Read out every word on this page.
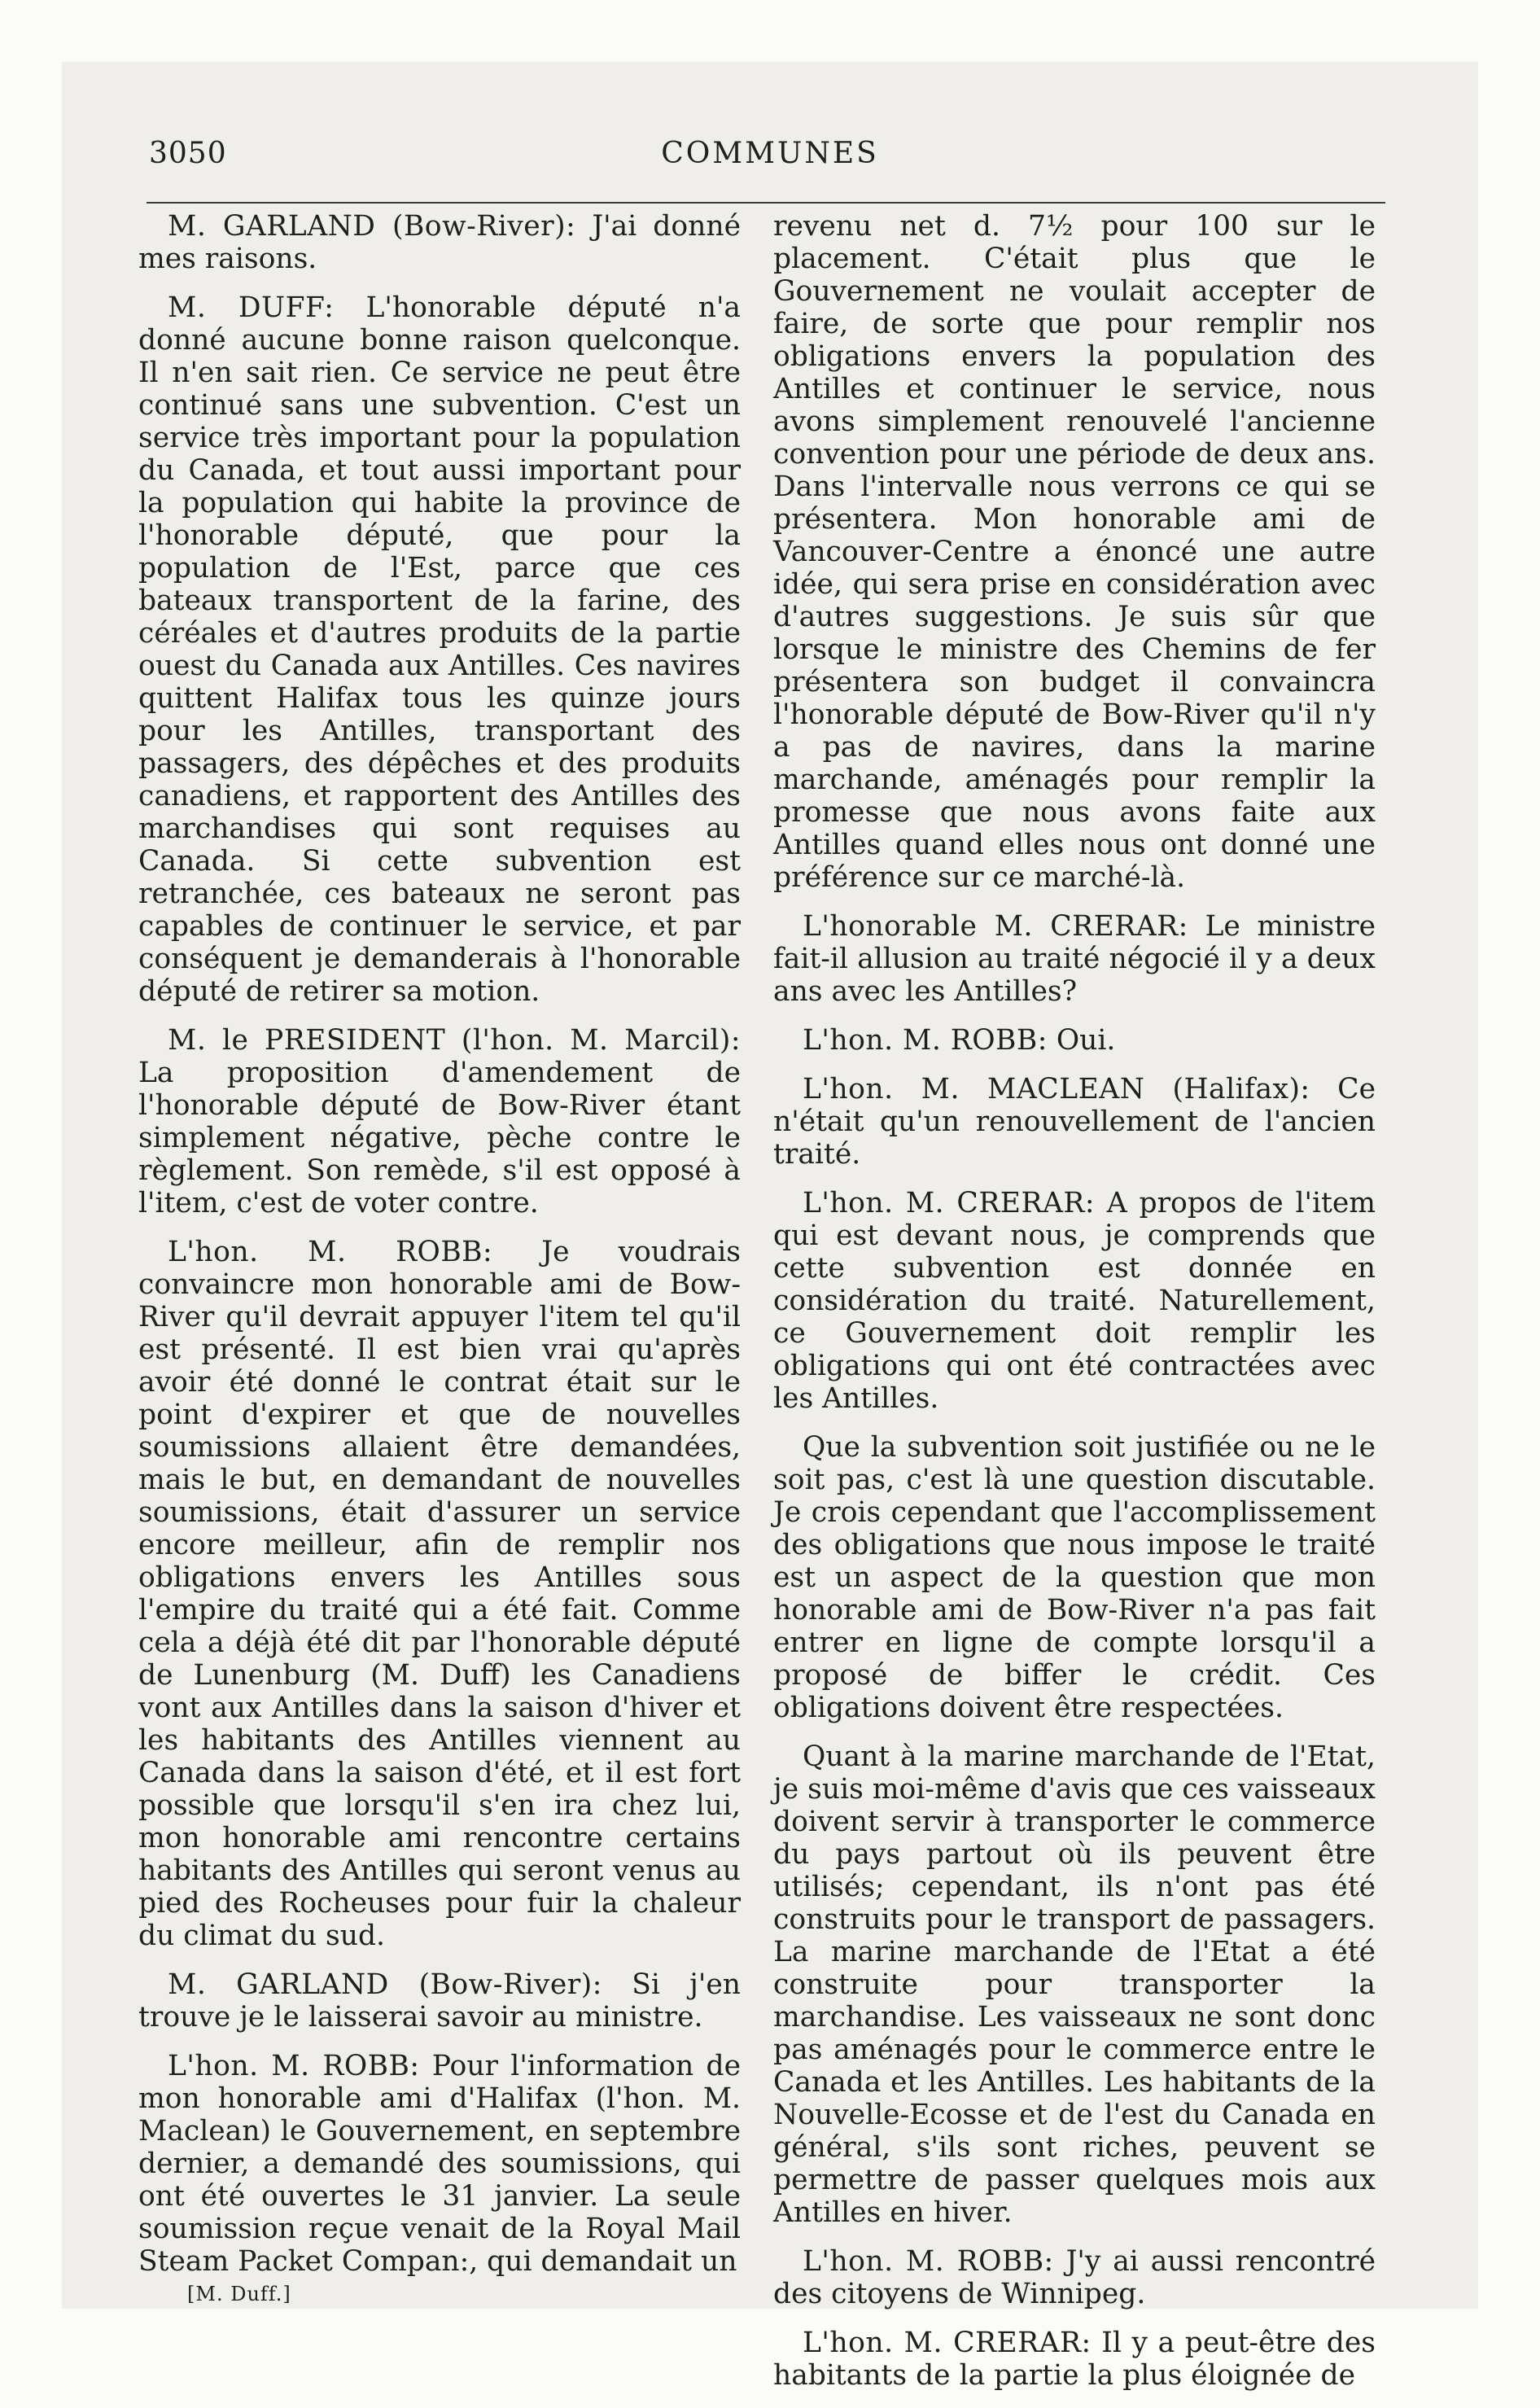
3050	COMMUNES

M. GARLAND (Bow-River): J'ai donné mes raisons.

M. DUFF: L'honorable député n'a donné aucune bonne raison quelconque. Il n'en sait rien. Ce service ne peut être continué sans une subvention. C'est un service très important pour la population du Canada, et tout aussi important pour la population qui habite la province de l'honorable député, que pour la population de l'Est, parce que ces bateaux transportent de la farine, des céréales et d'autres produits de la partie ouest du Canada aux Antilles. Ces navires quittent Halifax tous les quinze jours pour les Antilles, transportant des passagers, des dépêches et des produits canadiens, et rapportent des Antilles des marchandises qui sont requises au Canada. Si cette subvention est retranchée, ces bateaux ne seront pas capables de continuer le service, et par conséquent je demanderais à l'honorable député de retirer sa motion.

M. le PRESIDENT (l'hon. M. Marcil): La proposition d'amendement de l'honorable député de Bow-River étant simplement négative, pèche contre le règlement. Son remède, s'il est opposé à l'item, c'est de voter contre.

L'hon. M. ROBB: Je voudrais convaincre mon honorable ami de Bow-River qu'il devrait appuyer l'item tel qu'il est présenté. Il est bien vrai qu'après avoir été donné le contrat était sur le point d'expirer et que de nouvelles soumissions allaient être demandées, mais le but, en demandant de nouvelles soumissions, était d'assurer un service encore meilleur, afin de remplir nos obligations envers les Antilles sous l'empire du traité qui a été fait. Comme cela a déjà été dit par l'honorable député de Lunenburg (M. Duff) les Canadiens vont aux Antilles dans la saison d'hiver et les habitants des Antilles viennent au Canada dans la saison d'été, et il est fort possible que lorsqu'il s'en ira chez lui, mon honorable ami rencontre certains habitants des Antilles qui seront venus au pied des Rocheuses pour fuir la chaleur du climat du sud.

M. GARLAND (Bow-River): Si j'en trouve je le laisserai savoir au ministre.

L'hon. M. ROBB: Pour l'information de mon honorable ami d'Halifax (l'hon. M. Maclean) le Gouvernement, en septembre dernier, a demandé des soumissions, qui ont été ouvertes le 31 janvier. La seule soumission reçue venait de la Royal Mail Steam Packet Compan:, qui demandait un

revenu net d. 7½ pour 100 sur le placement. C'était plus que le Gouvernement ne voulait accepter de faire, de sorte que pour remplir nos obligations envers la population des Antilles et continuer le service, nous avons simplement renouvelé l'ancienne convention pour une période de deux ans. Dans l'intervalle nous verrons ce qui se présentera. Mon honorable ami de Vancouver-Centre a énoncé une autre idée, qui sera prise en considération avec d'autres suggestions. Je suis sûr que lorsque le ministre des Chemins de fer présentera son budget il convaincra l'honorable député de Bow-River qu'il n'y a pas de navires, dans la marine marchande, aménagés pour remplir la promesse que nous avons faite aux Antilles quand elles nous ont donné une préférence sur ce marché-là.

L'honorable M. CRERAR: Le ministre fait-il allusion au traité négocié il y a deux ans avec les Antilles?

L'hon. M. ROBB: Oui.

L'hon. M. MACLEAN (Halifax): Ce n'était qu'un renouvellement de l'ancien traité.

L'hon. M. CRERAR: A propos de l'item qui est devant nous, je comprends que cette subvention est donnée en considération du traité. Naturellement, ce Gouvernement doit remplir les obligations qui ont été contractées avec les Antilles.

Que la subvention soit justifiée ou ne le soit pas, c'est là une question discutable. Je crois cependant que l'accomplissement des obligations que nous impose le traité est un aspect de la question que mon honorable ami de Bow-River n'a pas fait entrer en ligne de compte lorsqu'il a proposé de biffer le crédit. Ces obligations doivent être respectées.

Quant à la marine marchande de l'Etat, je suis moi-même d'avis que ces vaisseaux doivent servir à transporter le commerce du pays partout où ils peuvent être utilisés; cependant, ils n'ont pas été construits pour le transport de passagers. La marine marchande de l'Etat a été construite pour transporter la marchandise. Les vaisseaux ne sont donc pas aménagés pour le commerce entre le Canada et les Antilles. Les habitants de la Nouvelle-Ecosse et de l'est du Canada en général, s'ils sont riches, peuvent se permettre de passer quelques mois aux Antilles en hiver.

L'hon. M. ROBB: J'y ai aussi rencontré des citoyens de Winnipeg.

L'hon. M. CRERAR: Il y a peut-être des habitants de la partie la plus éloignée de

[M. Duff.]
